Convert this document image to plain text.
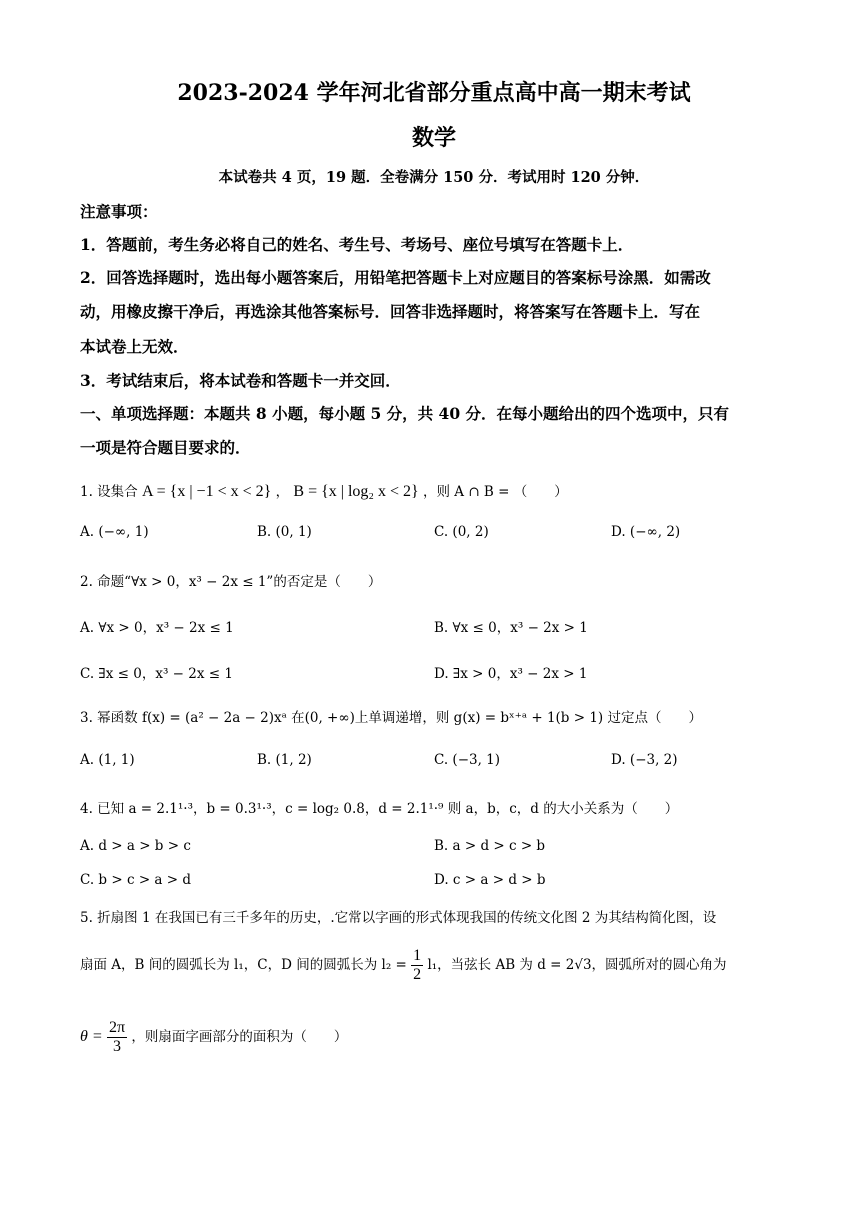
2023-2024 学年河北省部分重点高中高一期末考试
数学
本试卷共 4 页，19 题．全卷满分 150 分．考试用时 120 分钟．
注意事项：
1．答题前，考生务必将自己的姓名、考生号、考场号、座位号填写在答题卡上．
2．回答选择题时，选出每小题答案后，用铅笔把答题卡上对应题目的答案标号涂黑．如需改
动，用橡皮擦干净后，再选涂其他答案标号．回答非选择题时，将答案写在答题卡上．写在
本试卷上无效．
3．考试结束后，将本试卷和答题卡一并交回．
一、单项选择题：本题共 8 小题，每小题 5 分，共 40 分．在每小题给出的四个选项中，只有
一项是符合题目要求的．
1. 设集合 A = {x | −1 < x < 2} ， B = {x | log₂ x < 2} ，则 A ∩ B = （　　）
A. (−∞, 1)	B. (0, 1)	C. (0, 2)	D. (−∞, 2)
2. 命题“∀x > 0，x³ − 2x ≤ 1”的否定是（　　）
A. ∀x > 0，x³ − 2x ≤ 1	B. ∀x ≤ 0，x³ − 2x > 1
C. ∃x ≤ 0，x³ − 2x ≤ 1	D. ∃x > 0，x³ − 2x > 1
3. 幂函数 f(x) = (a² − 2a − 2)xᵃ 在(0, +∞)上单调递增，则 g(x) = bˣ⁺ᵃ + 1(b > 1) 过定点（　　）
A. (1, 1)	B. (1, 2)	C. (−3, 1)	D. (−3, 2)
4. 已知 a = 2.1¹·³，b = 0.3¹·³，c = log₂ 0.8，d = 2.1¹·⁹ 则 a，b，c，d 的大小关系为（　　）
A. d > a > b > c	B. a > d > c > b
C. b > c > a > d	D. c > a > d > b
5. 折扇图 1 在我国已有三千多年的历史，.它常以字画的形式体现我国的传统文化图 2 为其结构简化图，设
扇面 A，B 间的圆弧长为 l₁，C，D 间的圆弧长为 $l_2 = \frac{1}{2} l_1$，当弦长 AB 为 d = 2√3，圆弧所对的圆心角为
$\theta = \frac{2\pi}{3}$ ，则扇面字画部分的面积为（　　）
